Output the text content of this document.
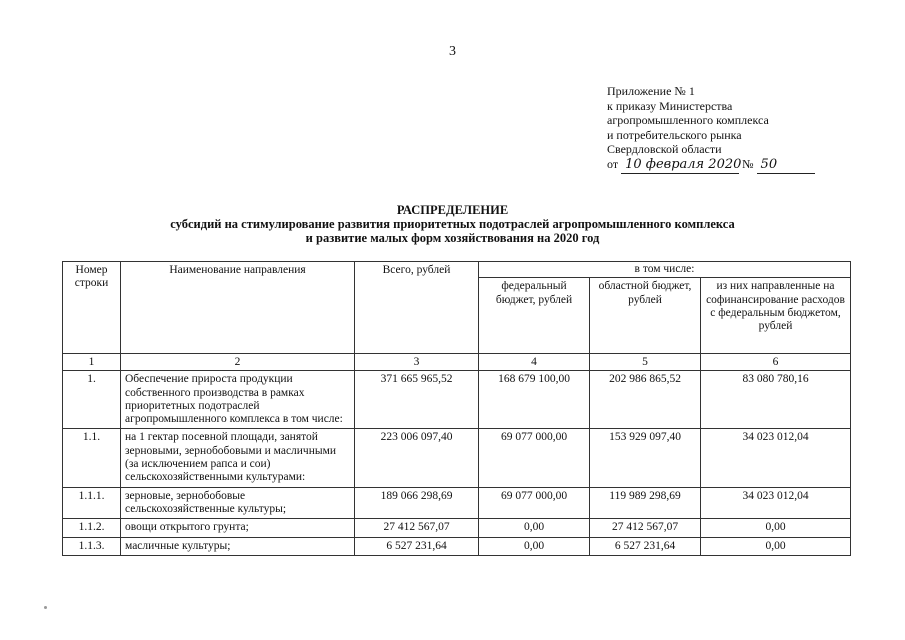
3
Приложение № 1
к приказу Министерства
агропромышленного комплекса
и потребительского рынка
Свердловской области
от 10 февраля 2020 № 50
РАСПРЕДЕЛЕНИЕ
субсидий на стимулирование развития приоритетных подотраслей агропромышленного комплекса
и развитие малых форм хозяйствования на 2020 год
Номер строки	Наименование направления	Всего, рублей	в том числе:		
			федеральный бюджет, рублей	областной бюджет, рублей	из них направленные на софинансирование расходов с федеральным бюджетом, рублей
1	2	3	4	5	6
1.	Обеспечение прироста продукции собственного производства в рамках приоритетных подотраслей агропромышленного комплекса в том числе:	371 665 965,52	168 679 100,00	202 986 865,52	83 080 780,16
1.1.	на 1 гектар посевной площади, занятой зерновыми, зернобобовыми и масличными (за исключением рапса и сои) сельскохозяйственными культурами:	223 006 097,40	69 077 000,00	153 929 097,40	34 023 012,04
1.1.1.	зерновые, зернобобовые сельскохозяйственные культуры;	189 066 298,69	69 077 000,00	119 989 298,69	34 023 012,04
1.1.2.	овощи открытого грунта;	27 412 567,07	0,00	27 412 567,07	0,00
1.1.3.	масличные культуры;	6 527 231,64	0,00	6 527 231,64	0,00
